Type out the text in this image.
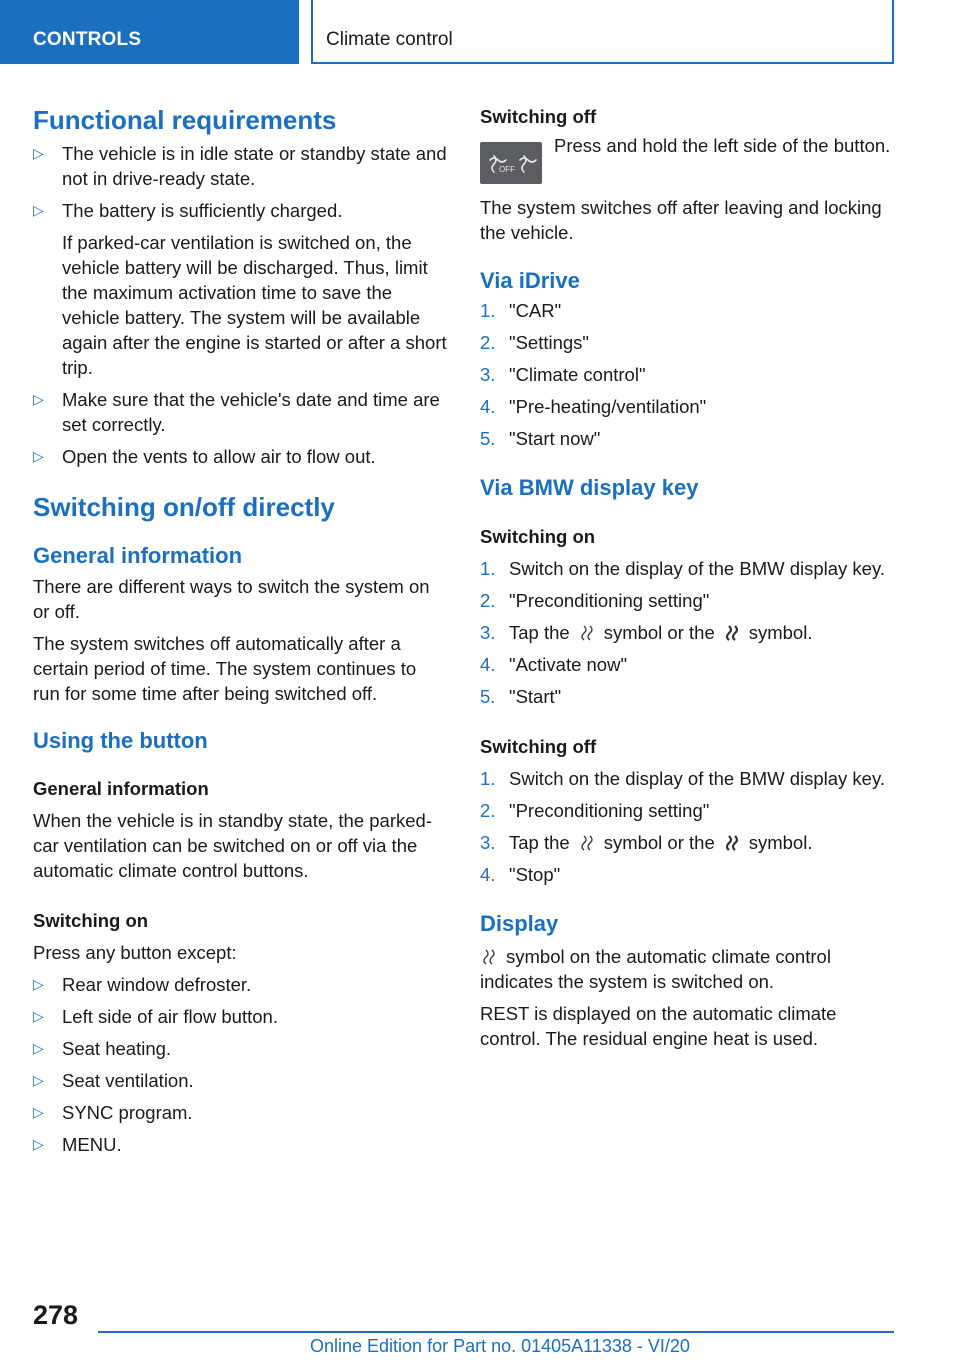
CONTROLS	Climate control
Functional requirements
▷ The vehicle is in idle state or standby state and not in drive-ready state.
▷ The battery is sufficiently charged.
If parked-car ventilation is switched on, the vehicle battery will be discharged. Thus, limit the maximum activation time to save the vehicle battery. The system will be available again after the engine is started or after a short trip.
▷ Make sure that the vehicle's date and time are set correctly.
▷ Open the vents to allow air to flow out.
Switching on/off directly
General information

There are different ways to switch the system on or off.

The system switches off automatically after a certain period of time. The system continues to run for some time after being switched off.

Using the button
General information

When the vehicle is in standby state, the parked-car ventilation can be switched on or off via the automatic climate control buttons.

Switching on

Press any button except:

▷ Rear window defroster.
▷ Left side of air flow button.
▷ Seat heating.
▷ Seat ventilation.
▷ SYNC program.
▷ MENU.
Switching off
OFF

Press and hold the left side of the button.

The system switches off after leaving and locking the vehicle.

Via iDrive
1. "CAR"
2. "Settings"
3. "Climate control"
4. "Pre-heating/ventilation"
5. "Start now"
Via BMW display key
Switching on
1. Switch on the display of the BMW display key.
2. "Preconditioning setting"
3. Tap the symbol or the symbol.
4. "Activate now"
5. "Start"
Switching off
1. Switch on the display of the BMW display key.
2. "Preconditioning setting"
3. Tap the symbol or the symbol.
4. "Stop"
Display

symbol on the automatic climate control indicates the system is switched on.

REST is displayed on the automatic climate control. The residual engine heat is used.

278
Online Edition for Part no. 01405A11338 - VI/20
